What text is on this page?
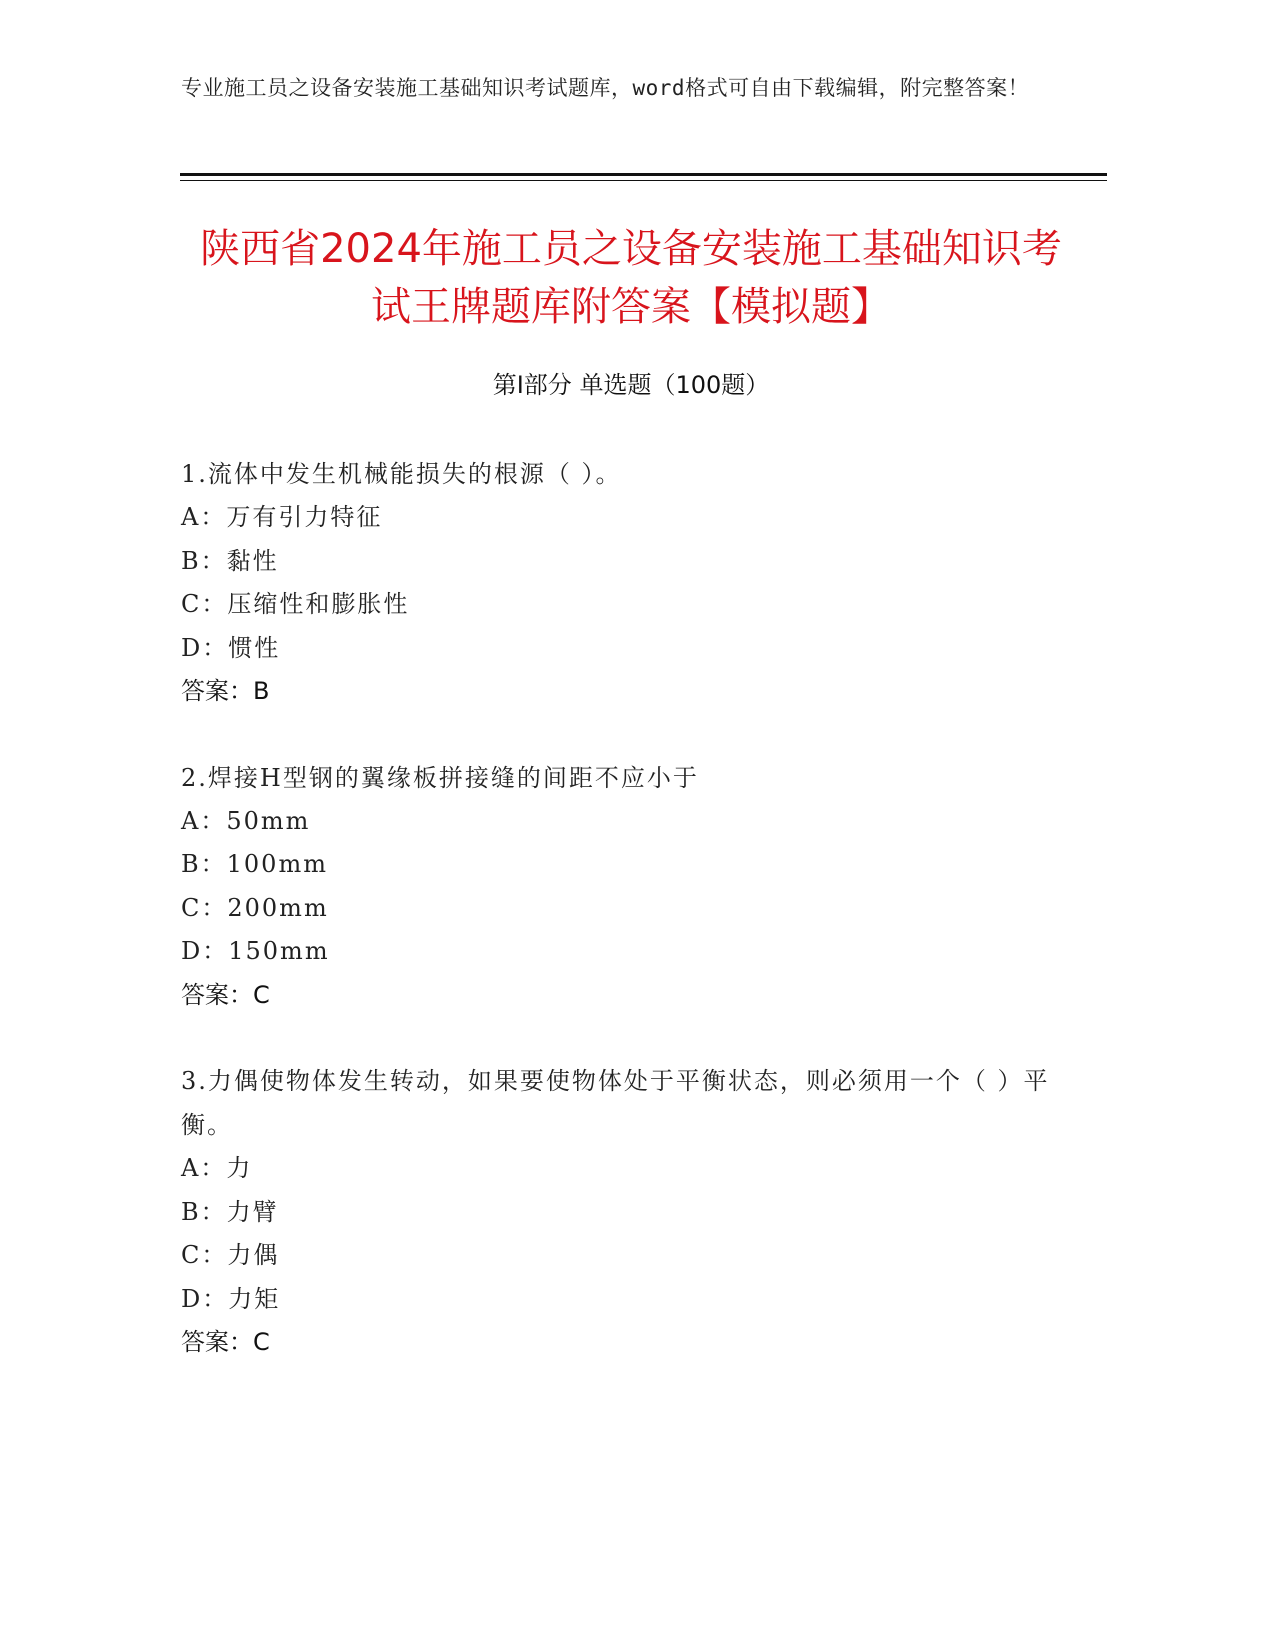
专业施工员之设备安装施工基础知识考试题库，word格式可自由下载编辑，附完整答案！
陕西省2024年施工员之设备安装施工基础知识考试王牌题库附答案【模拟题】
第I部分 单选题（100题）

1.流体中发生机械能损失的根源（ ）。

A：万有引力特征

B：黏性

C：压缩性和膨胀性

D：惯性

答案：B

2.焊接H型钢的翼缘板拼接缝的间距不应小于

A：50mm

B：100mm

C：200mm

D：150mm

答案：C

3.力偶使物体发生转动，如果要使物体处于平衡状态，则必须用一个（ ）平衡。

A：力

B：力臂

C：力偶

D：力矩

答案：C
